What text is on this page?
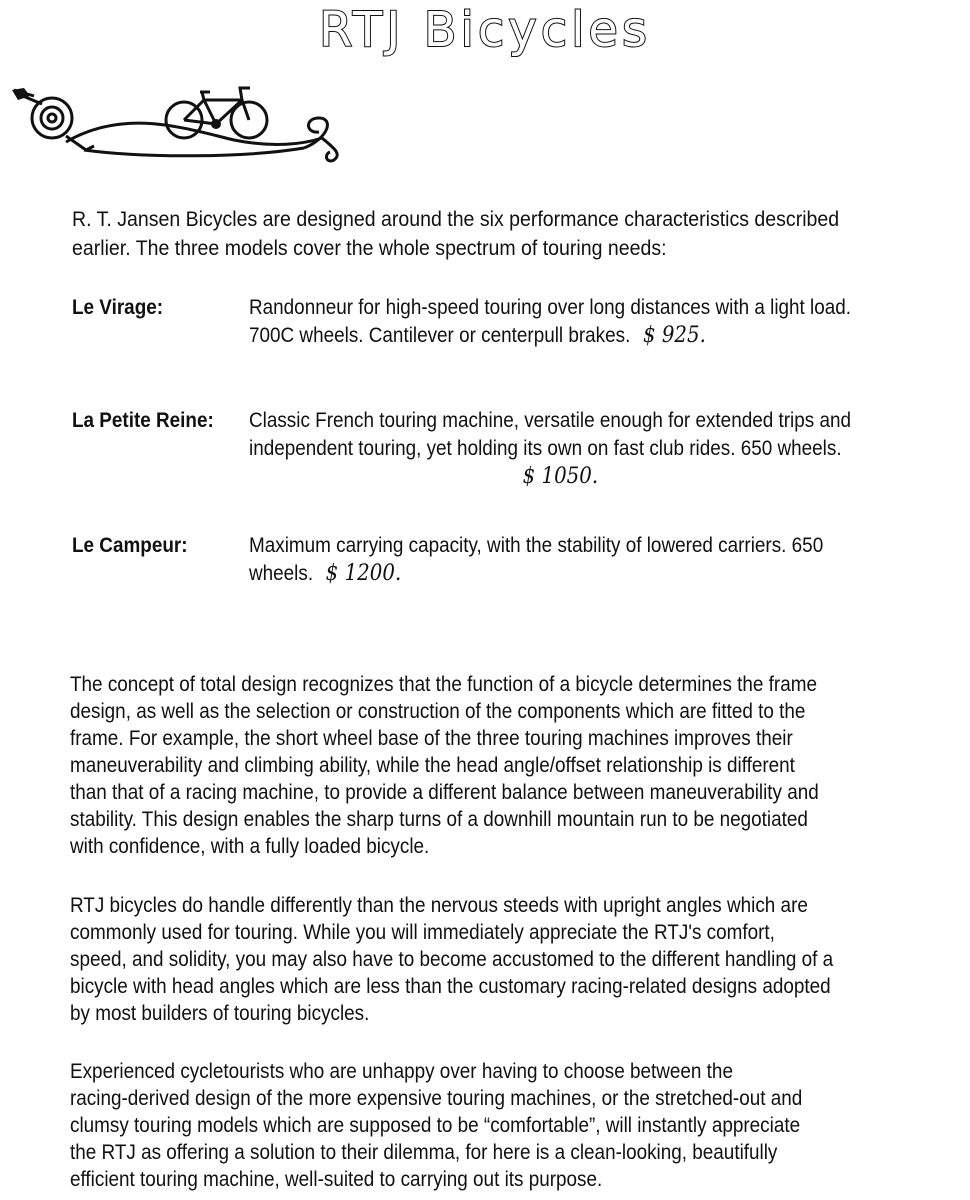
RTJ Bicycles
R. T. Jansen Bicycles are designed around the six performance characteristics described
earlier. The three models cover the whole spectrum of touring needs:
Le Virage:	Randonneur for high-speed touring over long distances with a light load.
700C wheels. Cantilever or centerpull brakes. $ 925.
La Petite Reine: Classic French touring machine, versatile enough for extended trips and
independent touring, yet holding its own on fast club rides. 650 wheels.
$ 1050.
Le Campeur:	Maximum carrying capacity, with the stability of lowered carriers. 650
wheels. $ 1200.

The concept of total design recognizes that the function of a bicycle determines the frame

design, as well as the selection or construction of the components which are fitted to the

frame. For example, the short wheel base of the three touring machines improves their

maneuverability and climbing ability, while the head angle/offset relationship is different

than that of a racing machine, to provide a different balance between maneuverability and

stability. This design enables the sharp turns of a downhill mountain run to be negotiated

with confidence, with a fully loaded bicycle.

RTJ bicycles do handle differently than the nervous steeds with upright angles which are

commonly used for touring. While you will immediately appreciate the RTJ's comfort,

speed, and solidity, you may also have to become accustomed to the different handling of a

bicycle with head angles which are less than the customary racing-related designs adopted

by most builders of touring bicycles.

Experienced cycletourists who are unhappy over having to choose between the

racing-derived design of the more expensive touring machines, or the stretched-out and

clumsy touring models which are supposed to be “comfortable”, will instantly appreciate

the RTJ as offering a solution to their dilemma, for here is a clean-looking, beautifully

efficient touring machine, well-suited to carrying out its purpose.
